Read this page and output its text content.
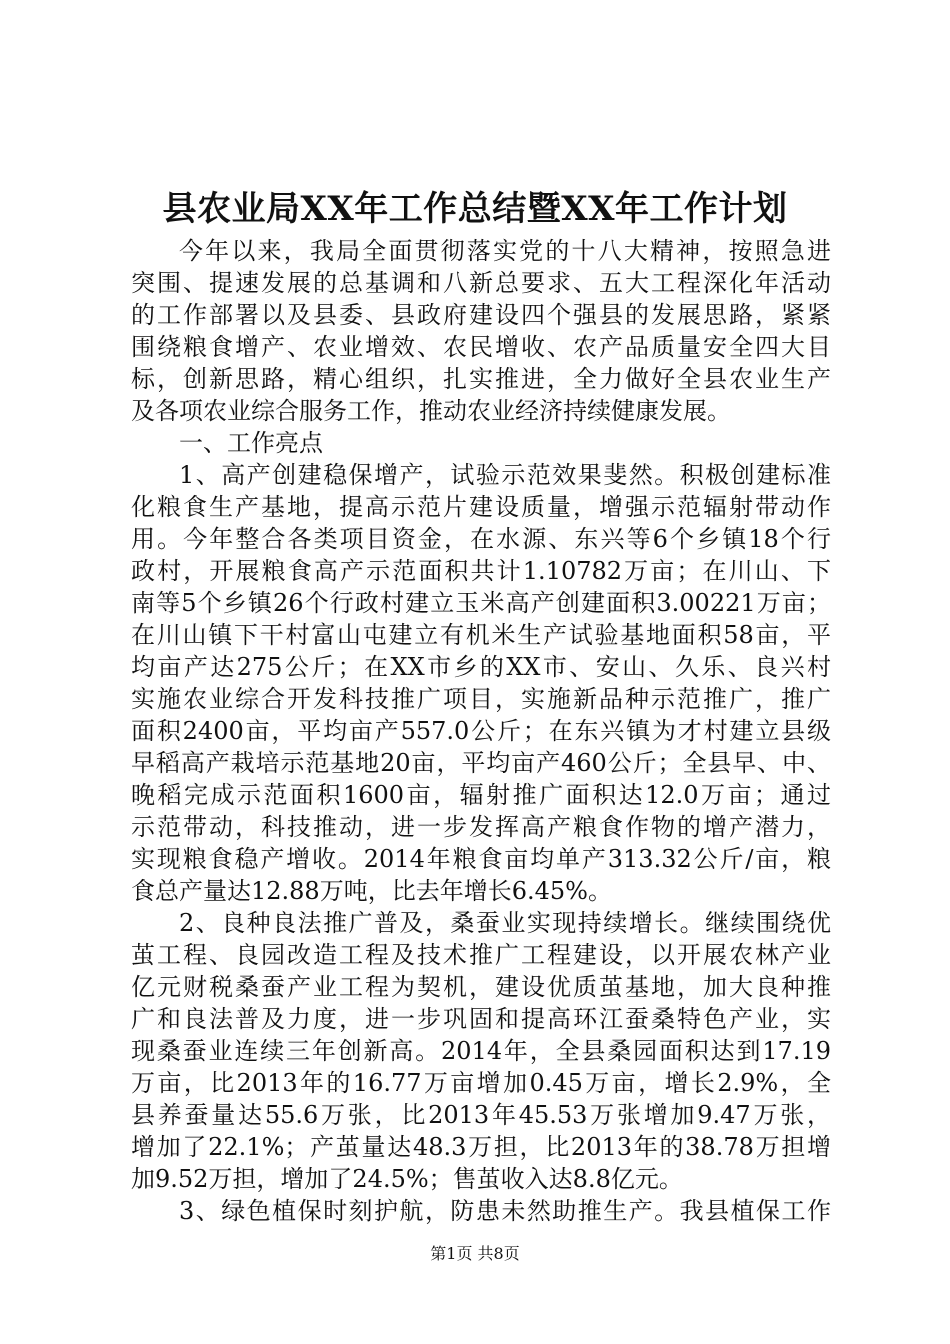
县农业局XX年工作总结暨XX年工作计划
今年以来，我局全面贯彻落实党的十八大精神，按照急进
突围、提速发展的总基调和八新总要求、五大工程深化年活动
的工作部署以及县委、县政府建设四个强县的发展思路，紧紧
围绕粮食增产、农业增效、农民增收、农产品质量安全四大目
标，创新思路，精心组织，扎实推进，全力做好全县农业生产
及各项农业综合服务工作，推动农业经济持续健康发展。
一、工作亮点
1、高产创建稳保增产，试验示范效果斐然。积极创建标准
化粮食生产基地，提高示范片建设质量，增强示范辐射带动作
用。今年整合各类项目资金，在水源、东兴等6个乡镇18个行
政村，开展粮食高产示范面积共计1.10782万亩；在川山、下
南等5个乡镇26个行政村建立玉米高产创建面积3.00221万亩；
在川山镇下干村富山屯建立有机米生产试验基地面积58亩，平
均亩产达275公斤；在XX市乡的XX市、安山、久乐、良兴村
实施农业综合开发科技推广项目，实施新品种示范推广，推广
面积2400亩，平均亩产557.0公斤；在东兴镇为才村建立县级
早稻高产栽培示范基地20亩，平均亩产460公斤；全县早、中、
晚稻完成示范面积1600亩，辐射推广面积达12.0万亩；通过
示范带动，科技推动，进一步发挥高产粮食作物的增产潜力，
实现粮食稳产增收。2014年粮食亩均单产313.32公斤/亩，粮
食总产量达12.88万吨，比去年增长6.45%。
2、良种良法推广普及，桑蚕业实现持续增长。继续围绕优
茧工程、良园改造工程及技术推广工程建设，以开展农林产业
亿元财税桑蚕产业工程为契机，建设优质茧基地，加大良种推
广和良法普及力度，进一步巩固和提高环江蚕桑特色产业，实
现桑蚕业连续三年创新高。2014年，全县桑园面积达到17.19
万亩，比2013年的16.77万亩增加0.45万亩，增长2.9%，全
县养蚕量达55.6万张，比2013年45.53万张增加9.47万张，
增加了22.1%；产茧量达48.3万担，比2013年的38.78万担增
加9.52万担，增加了24.5%；售茧收入达8.8亿元。
3、绿色植保时刻护航，防患未然助推生产。我县植保工作
第1页 共8页
